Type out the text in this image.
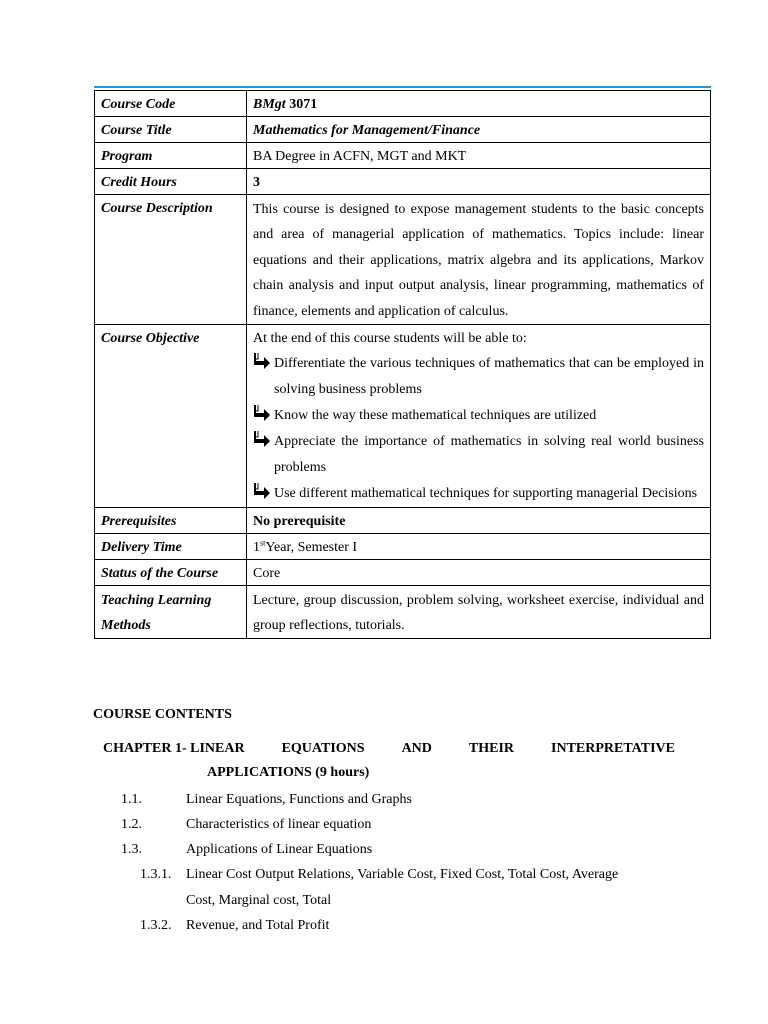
Course Code	BMgt 3071
Course Title	Mathematics for Management/Finance
Program	BA Degree in ACFN, MGT and MKT
Credit Hours	3
Course Description	This course is designed to expose management students to the basic concepts and area of managerial application of mathematics. Topics include: linear equations and their applications, matrix algebra and its applications, Markov chain analysis and input output analysis, linear programming, mathematics of finance, elements and application of calculus.

Course Objective	At the end of this course students will be able to:
Differentiate the various techniques of mathematics that can be employed in solving business problems
Know the way these mathematical techniques are utilized
Appreciate the importance of mathematics in solving real world business problems
Use different mathematical techniques for supporting managerial Decisions

Prerequisites	No prerequisite
Delivery Time	1stYear, Semester I
Status of the Course	Core
Teaching Learning Methods	Lecture, group discussion, problem solving, worksheet exercise, individual and group reflections, tutorials.
COURSE CONTENTS
CHAPTER 1- LINEAR	EQUATIONS	AND	THEIR	INTERPRETATIVE
APPLICATIONS (9 hours)
1.1.	Linear Equations, Functions and Graphs
1.2.	Characteristics of linear equation
1.3.	Applications of Linear Equations
1.3.1. Linear Cost Output Relations, Variable Cost, Fixed Cost, Total Cost, Average
Cost, Marginal cost, Total
1.3.2. Revenue, and Total Profit
